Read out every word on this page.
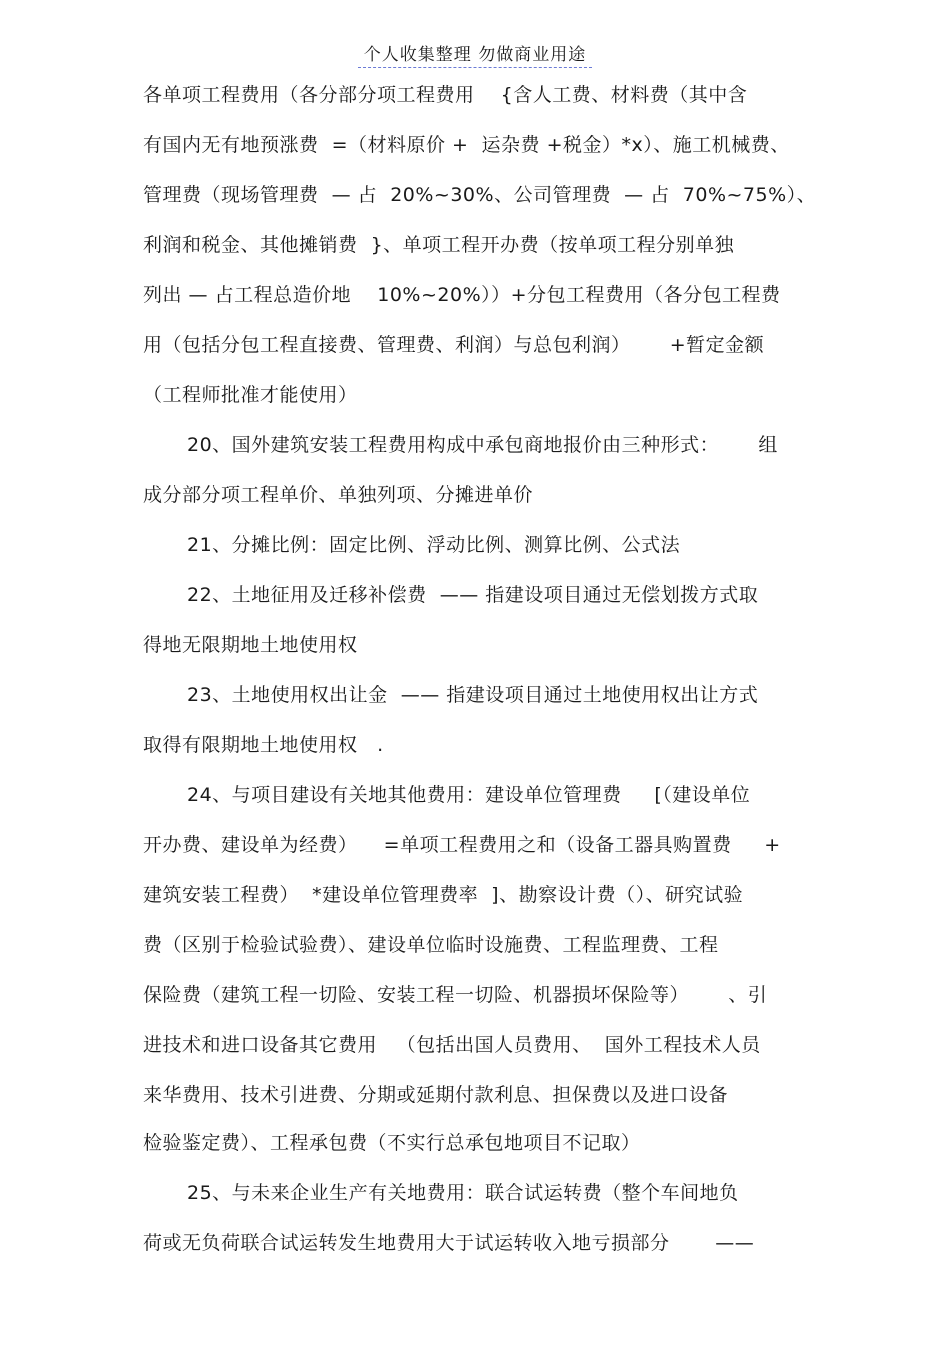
个人收集整理 勿做商业用途
各单项工程费用（各分部分项工程费用    {含人工费、材料费（其中含
有国内无有地预涨费  =（材料原价 +  运杂费 +税金）*x）、施工机械费、
管理费（现场管理费  — 占  20%~30%、公司管理费  — 占  70%~75%）、
利润和税金、其他摊销费  }、单项工程开办费（按单项工程分别单独
列出 — 占工程总造价地    10%~20%））+分包工程费用（各分包工程费
用（包括分包工程直接费、管理费、利润）与总包利润）      +暂定金额
（工程师批准才能使用）
20、国外建筑安装工程费用构成中承包商地报价由三种形式：      组
成分部分项工程单价、单独列项、分摊进单价
21、分摊比例：固定比例、浮动比例、测算比例、公式法
22、土地征用及迁移补偿费  —— 指建设项目通过无偿划拨方式取
得地无限期地土地使用权
23、土地使用权出让金  —— 指建设项目通过土地使用权出让方式
取得有限期地土地使用权   .
24、与项目建设有关地其他费用：建设单位管理费     [（建设单位
开办费、建设单为经费）    =单项工程费用之和（设备工器具购置费     +
建筑安装工程费）  *建设单位管理费率  ]、勘察设计费（）、研究试验
费（区别于检验试验费）、建设单位临时设施费、工程监理费、工程
保险费（建筑工程一切险、安装工程一切险、机器损坏保险等）      、引
进技术和进口设备其它费用   （包括出国人员费用、  国外工程技术人员
来华费用、技术引进费、分期或延期付款利息、担保费以及进口设备
检验鉴定费）、工程承包费（不实行总承包地项目不记取）
25、与未来企业生产有关地费用：联合试运转费（整个车间地负
荷或无负荷联合试运转发生地费用大于试运转收入地亏损部分       ——
